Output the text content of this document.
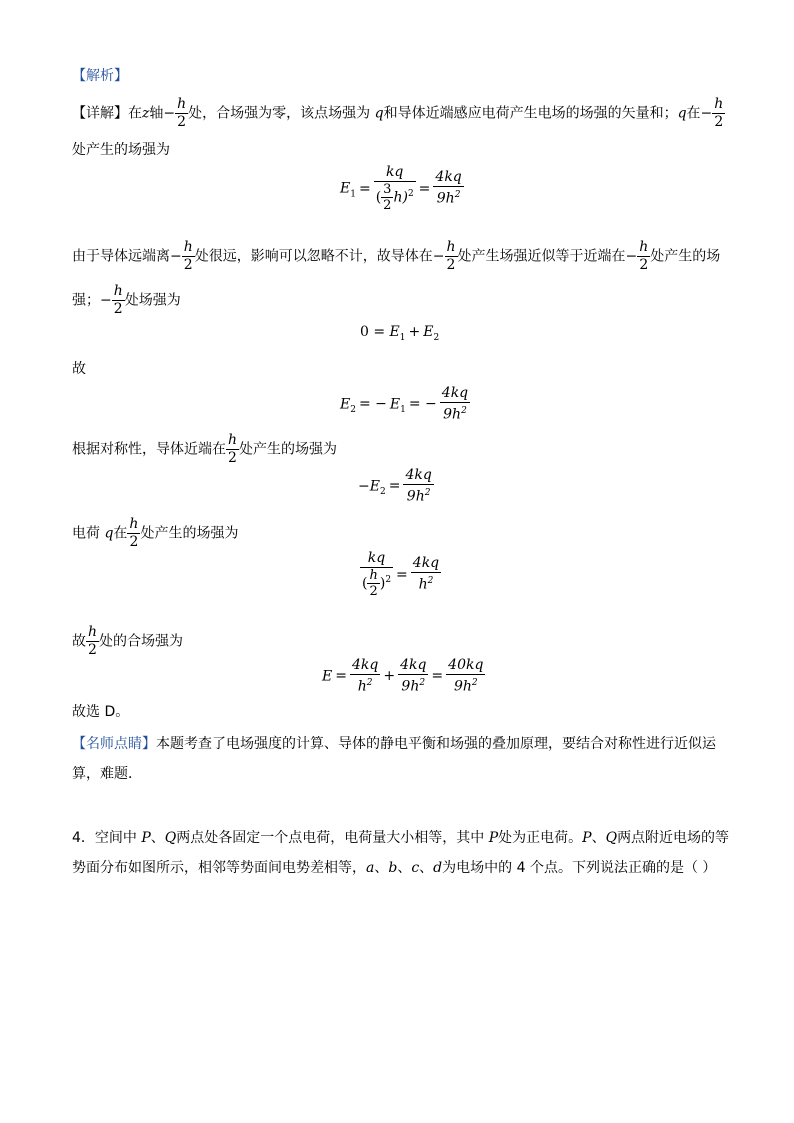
【解析】
【详解】在z轴− $\frac{h}{2}$ 处，合场强为零，该点场强为 q和导体近端感应电荷产生电场的场强的矢量和；q在− $\frac{h}{2}$
处产生的场强为
$E_1 = \frac{kq}{( \frac{3}{2} h)^2} = \frac{4kq}{9h^2}$
由于导体远端离− $\frac{h}{2}$ 处很远，影响可以忽略不计，故导体在− $\frac{h}{2}$ 处产生场强近似等于近端在− $\frac{h}{2}$ 处产生的场
强；− $\frac{h}{2}$ 处场强为
$0 = E_1 + E_2$
故
$E_2$ = − $E_1$ = − $\frac{4kq}{9h^2}$
根据对称性，导体近端在 $\frac{h}{2}$ 处产生的场强为
$-E_2 = \frac{4kq}{9h^2}$
电荷 q在 $\frac{h}{2}$ 处产生的场强为
$\frac{kq}{( \frac{h}{2} )^2} = \frac{4kq}{h^2}$
故 $\frac{h}{2}$ 处的合场强为
$E = \frac{4kq}{h^2} + \frac{4kq}{9h^2} = \frac{40kq}{9h^2}$
故选 D。
【名师点睛】本题考查了电场强度的计算、导体的静电平衡和场强的叠加原理，要结合对称性进行近似运
算，难题．
4．空间中 P、Q两点处各固定一个点电荷，电荷量大小相等，其中 P处为正电荷。P、Q两点附近电场的等
势面分布如图所示，相邻等势面间电势差相等，a、b、c、d为电场中的 4 个点。下列说法正确的是（ ）
